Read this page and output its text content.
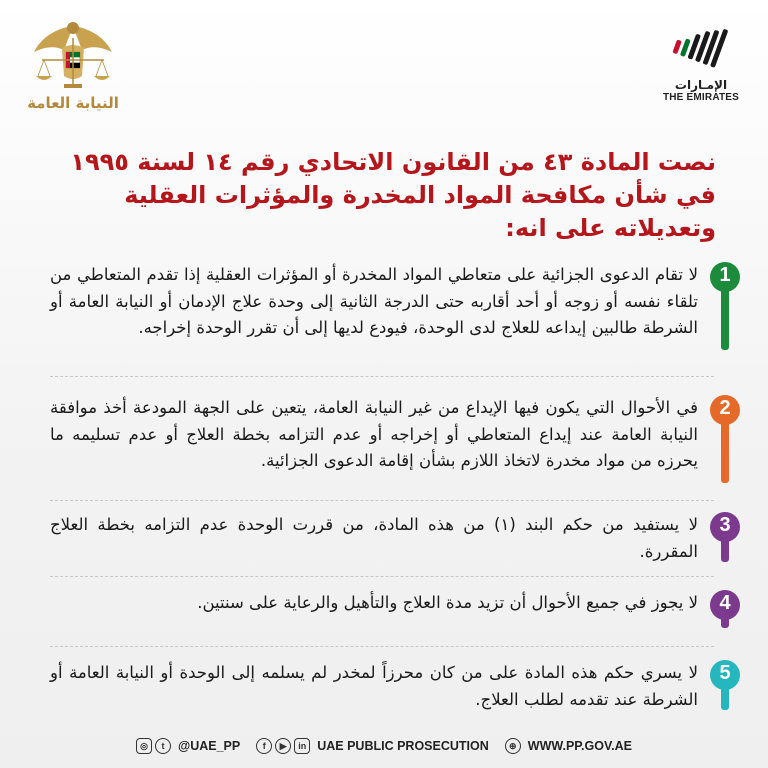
النيابة العامة
الإمـارات
THE EMIRATES
نصت المادة ٤٣ من القانون الاتحادي رقم ١٤ لسنة ١٩٩٥ في شأن مكافحة المواد المخدرة والمؤثرات العقلية وتعديلاته على انه:
1
لا تقام الدعوى الجزائية على متعاطي المواد المخدرة أو المؤثرات العقلية إذا تقدم المتعاطي من تلقاء نفسه أو زوجه أو أحد أقاربه حتى الدرجة الثانية إلى وحدة علاج الإدمان أو النيابة العامة أو الشرطة طالبين إيداعه للعلاج لدى الوحدة، فيودع لديها إلى أن تقرر الوحدة إخراجه.
2
في الأحوال التي يكون فيها الإيداع من غير النيابة العامة، يتعين على الجهة المودعة أخذ موافقة النيابة العامة عند إيداع المتعاطي أو إخراجه أو عدم التزامه بخطة العلاج أو عدم تسليمه ما يحرزه من مواد مخدرة لاتخاذ اللازم بشأن إقامة الدعوى الجزائية.
3
لا يستفيد من حكم البند (١) من هذه المادة، من قررت الوحدة عدم التزامه بخطة العلاج المقررة.
4
لا يجوز في جميع الأحوال أن تزيد مدة العلاج والتأهيل والرعاية على سنتين.
5
لا يسري حكم هذه المادة على من كان محرزاً لمخدر لم يسلمه إلى الوحدة أو النيابة العامة أو الشرطة عند تقدمه لطلب العلاج.
◎	t	@UAE_PP	f	▶	in UAE PUBLIC PROSECUTION	⊕ WWW.PP.GOV.AE
